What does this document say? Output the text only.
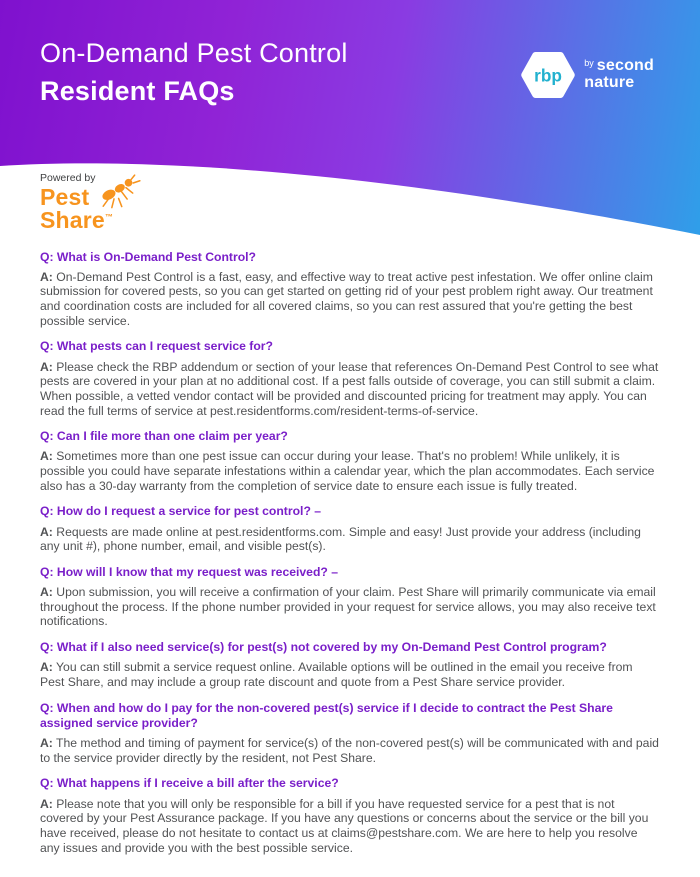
On-Demand Pest Control
Resident FAQs
rbp
by second
nature
Powered by
Pest
Share™
Q: What is On-Demand Pest Control?

A: On-Demand Pest Control is a fast, easy, and effective way to treat active pest infestation. We offer online claim submission for covered pests, so you can get started on getting rid of your pest problem right away. Our treatment and coordination costs are included for all covered claims, so you can rest assured that you're getting the best possible service.

Q: What pests can I request service for?

A: Please check the RBP addendum or section of your lease that references On-Demand Pest Control to see what pests are covered in your plan at no additional cost. If a pest falls outside of coverage, you can still submit a claim. When possible, a vetted vendor contact will be provided and discounted pricing for treatment may apply. You can read the full terms of service at pest.residentforms.com/resident-terms-of-service.

Q: Can I file more than one claim per year?

A: Sometimes more than one pest issue can occur during your lease. That's no problem! While unlikely, it is possible you could have separate infestations within a calendar year, which the plan accommodates. Each service also has a 30-day warranty from the completion of service date to ensure each issue is fully treated.

Q: How do I request a service for pest control? –

A: Requests are made online at pest.residentforms.com. Simple and easy! Just provide your address (including any unit #), phone number, email, and visible pest(s).

Q: How will I know that my request was received? –

A: Upon submission, you will receive a confirmation of your claim. Pest Share will primarily communicate via email throughout the process. If the phone number provided in your request for service allows, you may also receive text notifications.

Q: What if I also need service(s) for pest(s) not covered by my On-Demand Pest Control program?

A: You can still submit a service request online. Available options will be outlined in the email you receive from Pest Share, and may include a group rate discount and quote from a Pest Share service provider.

Q: When and how do I pay for the non-covered pest(s) service if I decide to contract the Pest Share assigned service provider?

A: The method and timing of payment for service(s) of the non-covered pest(s) will be communicated with and paid to the service provider directly by the resident, not Pest Share.

Q: What happens if I receive a bill after the service?

A: Please note that you will only be responsible for a bill if you have requested service for a pest that is not covered by your Pest Assurance package. If you have any questions or concerns about the service or the bill you have received, please do not hesitate to contact us at claims@pestshare.com. We are here to help you resolve any issues and provide you with the best possible service.
